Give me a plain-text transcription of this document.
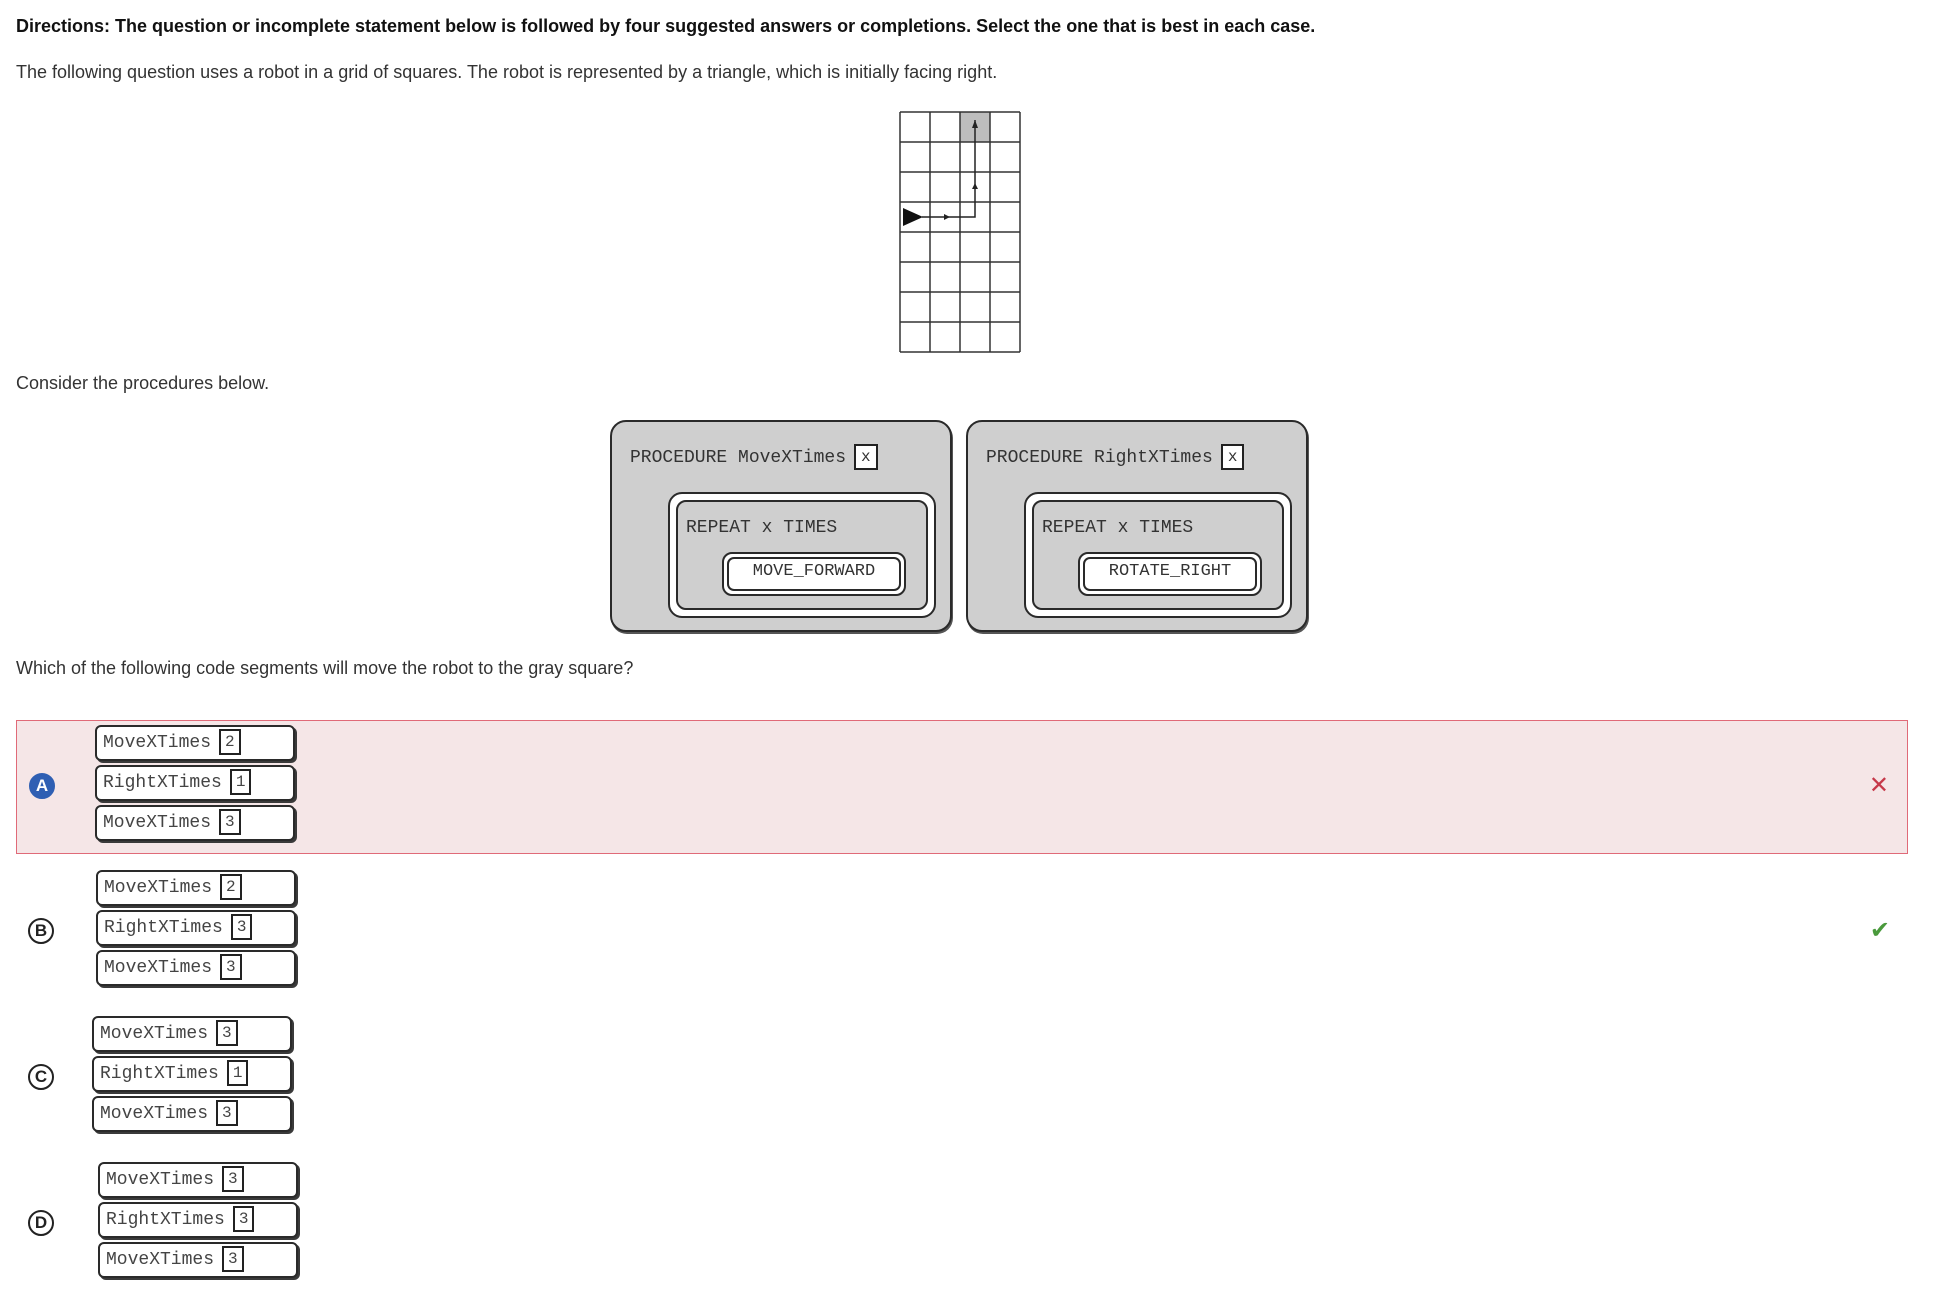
Directions: The question or incomplete statement below is followed by four suggested answers or completions. Select the one that is best in each case.
The following question uses a robot in a grid of squares. The robot is represented by a triangle, which is initially facing right.
Consider the procedures below.
PROCEDURE MoveXTimes x
REPEAT x TIMES
MOVE_FORWARD
PROCEDURE RightXTimes x
REPEAT x TIMES
ROTATE_RIGHT
Which of the following code segments will move the robot to the gray square?
A
MoveXTimes 2
RightXTimes 1
MoveXTimes 3
✕
B
MoveXTimes 2
RightXTimes 3
MoveXTimes 3
✔
C
MoveXTimes 3
RightXTimes 1
MoveXTimes 3
D
MoveXTimes 3
RightXTimes 3
MoveXTimes 3
